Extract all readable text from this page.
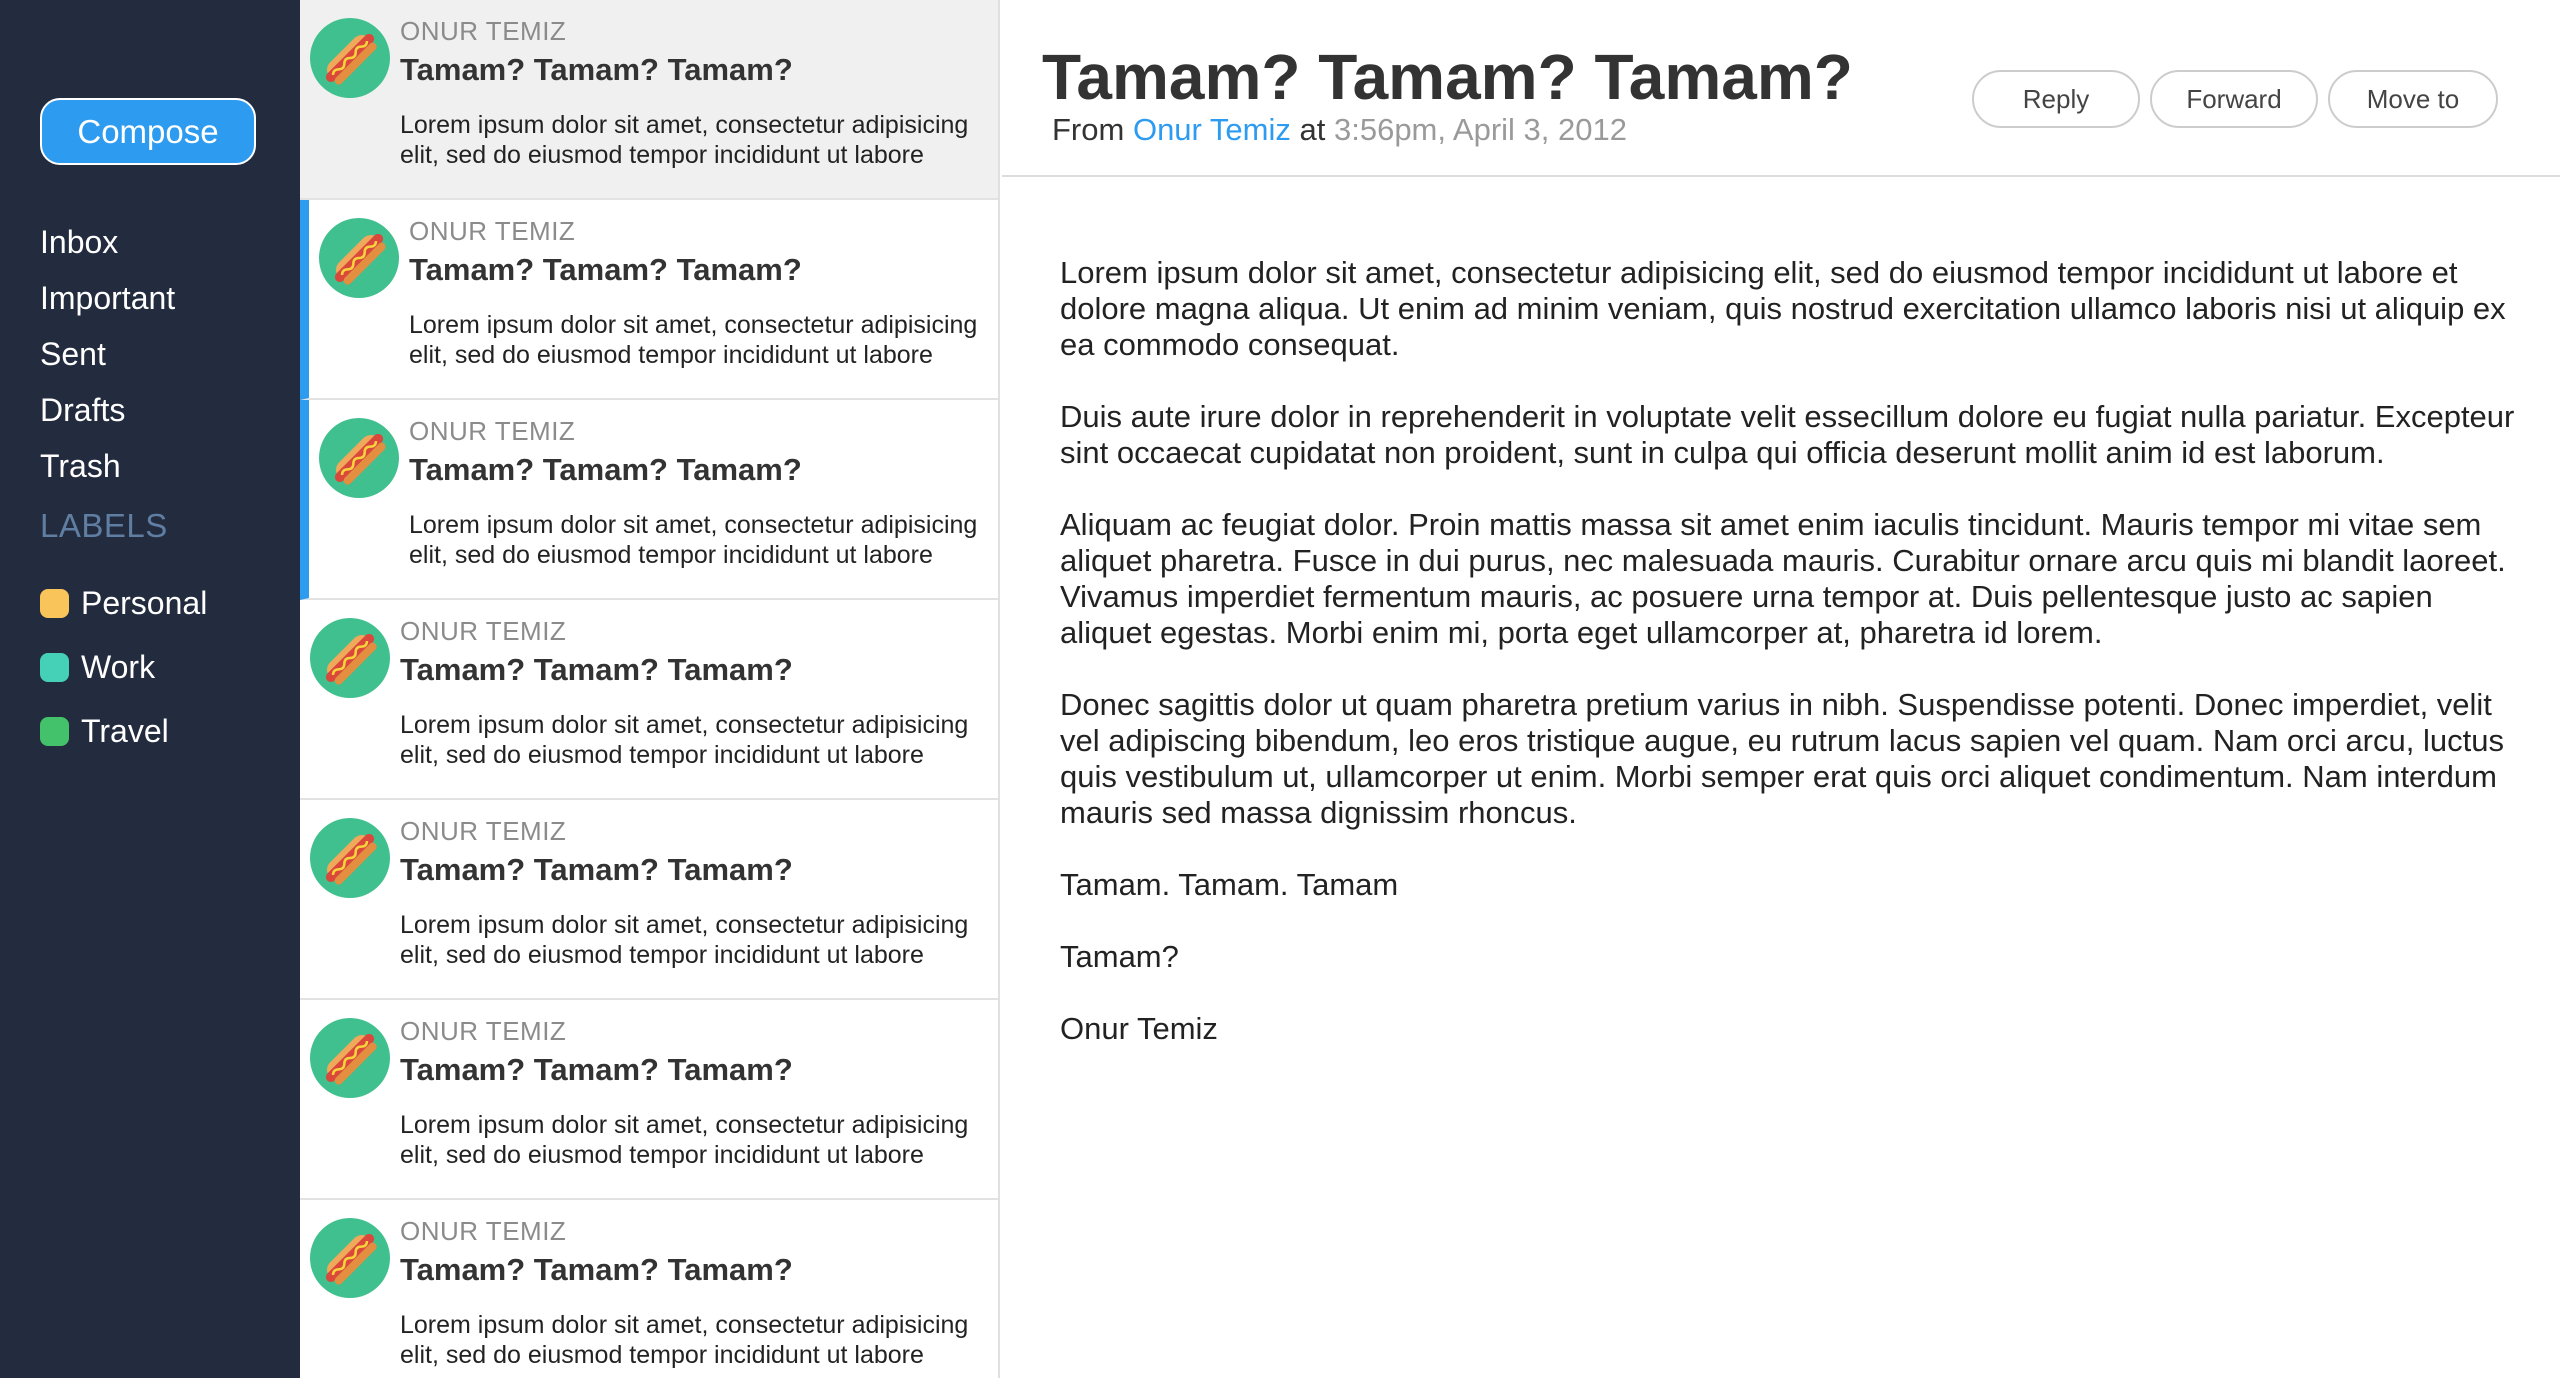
Compose
Inbox
Important
Sent
Drafts
Trash
LABELS
Personal
Work
Travel
ONUR TEMIZ
Tamam? Tamam? Tamam?
Lorem ipsum dolor sit amet, consectetur adipisicing elit, sed do eiusmod tempor incididunt ut labore
ONUR TEMIZ
Tamam? Tamam? Tamam?
Lorem ipsum dolor sit amet, consectetur adipisicing elit, sed do eiusmod tempor incididunt ut labore
ONUR TEMIZ
Tamam? Tamam? Tamam?
Lorem ipsum dolor sit amet, consectetur adipisicing elit, sed do eiusmod tempor incididunt ut labore
ONUR TEMIZ
Tamam? Tamam? Tamam?
Lorem ipsum dolor sit amet, consectetur adipisicing elit, sed do eiusmod tempor incididunt ut labore
ONUR TEMIZ
Tamam? Tamam? Tamam?
Lorem ipsum dolor sit amet, consectetur adipisicing elit, sed do eiusmod tempor incididunt ut labore
ONUR TEMIZ
Tamam? Tamam? Tamam?
Lorem ipsum dolor sit amet, consectetur adipisicing elit, sed do eiusmod tempor incididunt ut labore
ONUR TEMIZ
Tamam? Tamam? Tamam?
Lorem ipsum dolor sit amet, consectetur adipisicing elit, sed do eiusmod tempor incididunt ut labore
Tamam? Tamam? Tamam?
From Onur Temiz at 3:56pm, April 3, 2012
Reply	Forward	Move to

Lorem ipsum dolor sit amet, consectetur adipisicing elit, sed do eiusmod tempor incididunt ut labore et dolore magna aliqua. Ut enim ad minim veniam, quis nostrud exercitation ullamco laboris nisi ut aliquip ex ea commodo consequat.

Duis aute irure dolor in reprehenderit in voluptate velit essecillum dolore eu fugiat nulla pariatur. Excepteur sint occaecat cupidatat non proident, sunt in culpa qui officia deserunt mollit anim id est laborum.

Aliquam ac feugiat dolor. Proin mattis massa sit amet enim iaculis tincidunt. Mauris tempor mi vitae sem aliquet pharetra. Fusce in dui purus, nec malesuada mauris. Curabitur ornare arcu quis mi blandit laoreet. Vivamus imperdiet fermentum mauris, ac posuere urna tempor at. Duis pellentesque justo ac sapien aliquet egestas. Morbi enim mi, porta eget ullamcorper at, pharetra id lorem.

Donec sagittis dolor ut quam pharetra pretium varius in nibh. Suspendisse potenti. Donec imperdiet, velit vel adipiscing bibendum, leo eros tristique augue, eu rutrum lacus sapien vel quam. Nam orci arcu, luctus quis vestibulum ut, ullamcorper ut enim. Morbi semper erat quis orci aliquet condimentum. Nam interdum mauris sed massa dignissim rhoncus.

Tamam. Tamam. Tamam

Tamam?

Onur Temiz
